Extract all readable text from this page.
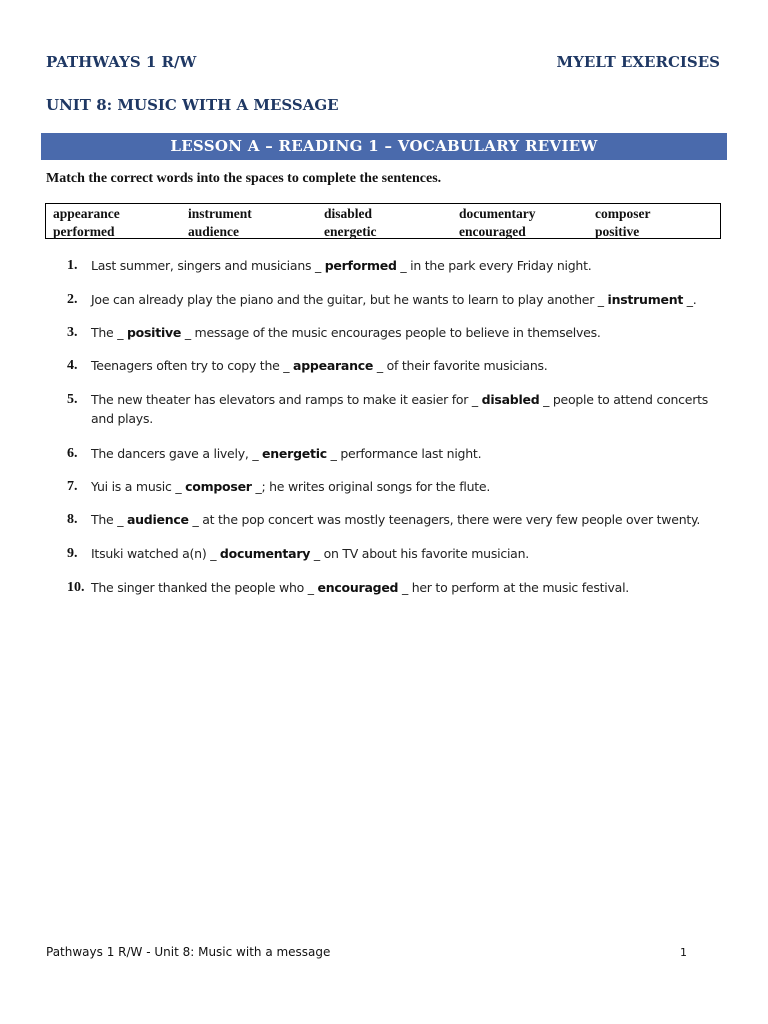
PATHWAYS 1 R/W	MYELT EXERCISES
UNIT 8: MUSIC WITH A MESSAGE
LESSON A – READING 1 – VOCABULARY REVIEW
Match the correct words into the spaces to complete the sentences.
appearance	instrument	disabled	documentary	composer
performed	audience	energetic	encouraged	positive
1.	Last summer, singers and musicians _ performed _ in the park every Friday night.
2.	Joe can already play the piano and the guitar, but he wants to learn to play another _ instrument _.
3.	The _ positive _ message of the music encourages people to believe in themselves.
4.	Teenagers often try to copy the _ appearance _ of their favorite musicians.
5.	The new theater has elevators and ramps to make it easier for _ disabled _ people to attend concerts and plays.
6.	The dancers gave a lively, _ energetic _ performance last night.
7.	Yui is a music _ composer _; he writes original songs for the flute.
8.	The _ audience _ at the pop concert was mostly teenagers, there were very few people over twenty.
9.	Itsuki watched a(n) _ documentary _ on TV about his favorite musician.
10. The singer thanked the people who _ encouraged _ her to perform at the music festival.
Pathways 1 R/W - Unit 8: Music with a message	1
